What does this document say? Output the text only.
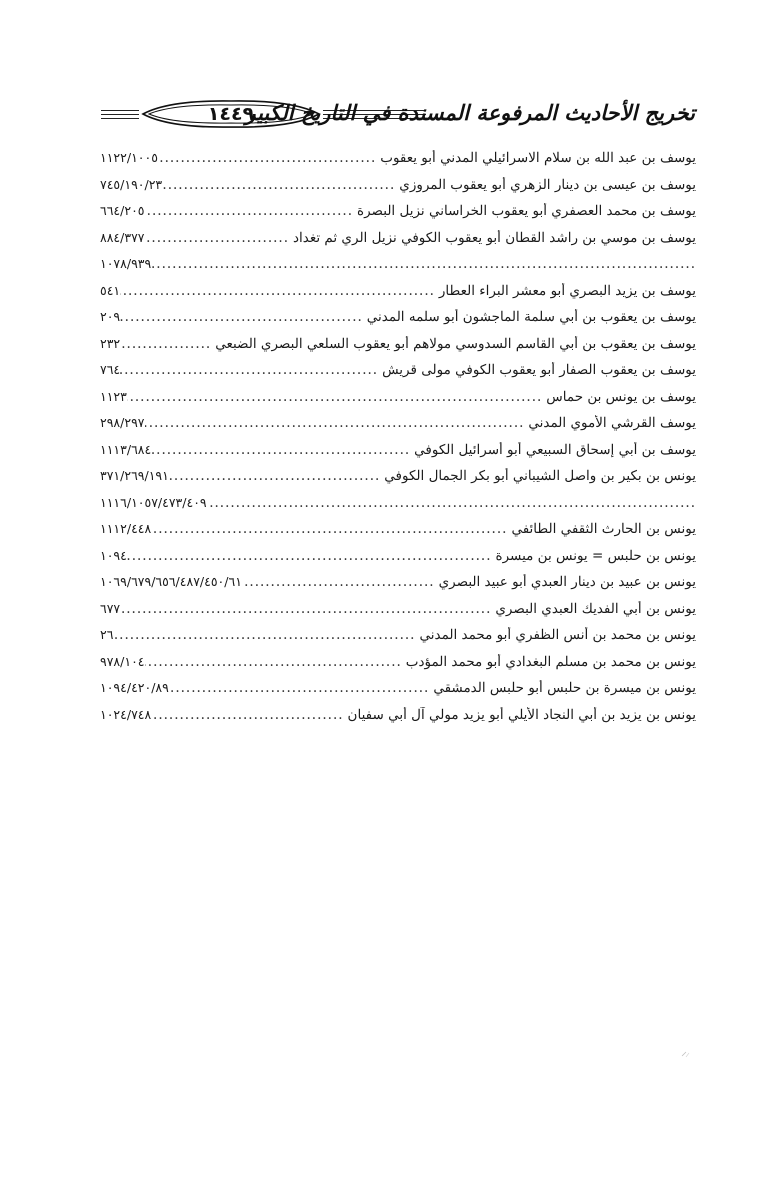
١٤٤٩
تخريج الأحاديث المرفوعة المسندة في التاريخ الكبير
يوسف بن عبد الله بن سلام الاسرائيلي المدني أبو يعقوب
.....
١١٢٢/١٠٠٥
يوسف بن عيسى بن دينار الزهري أبو يعقوب المروزي
.....
٧٤٥/١٩٠/٢٣
يوسف بن محمد العصفري أبو يعقوب الخراساني نزيل البصرة
.....
٦٦٤/٢٠٥
يوسف بن موسي بن راشد القطان أبو يعقوب الكوفي نزيل الري ثم تغداد
.....
٨٨٤/٣٧٧
.....
١٠٧٨/٩٣٩
يوسف بن يزيد البصري أبو معشر البراء العطار
.....
٥٤١
يوسف بن يعقوب بن أبي سلمة الماجشون أبو سلمه المدني
.....
٢٠٩
يوسف بن يعقوب بن أبي القاسم السدوسي مولاهم أبو يعقوب السلعي البصري الضبعي
.....
٢٣٢
يوسف بن يعقوب الصفار أبو يعقوب الكوفي مولى قريش
.....
٧٦٤
يوسف بن يونس بن حماس
.....
١١٢٣
يوسف القرشي الأموي المدني
.....
٢٩٨/٢٩٧
يوسف بن أبي إسحاق السبيعي أبو أسرائيل الكوفي
.....
١١١٣/٦٨٤
يونس بن بكير بن واصل الشيباني أبو بكر الجمال الكوفي
.....
٣٧١/٢٦٩/١٩١
.....
١١١٦/١٠٥٧/٤٧٣/٤٠٩
يونس بن الحارث الثقفي الطائفي
.....
١١١٢/٤٤٨
يونس بن حلبس = يونس بن ميسرة
.....
١٠٩٤
يونس بن عبيد بن دينار العبدي أبو عبيد البصري
.....
١٠٦٩/٦٧٩/٦٥٦/٤٨٧/٤٥٠/٦١
يونس بن أبي الفديك العبدي البصري
.....
٦٧٧
يونس بن محمد بن أنس الظفري أبو محمد المدني
.....
٢٦
يونس بن محمد بن مسلم البغدادي أبو محمد المؤدب
.....
٩٧٨/١٠٤
يونس بن ميسرة بن حلبس أبو حلبس الدمشقي
.....
١٠٩٤/٤٢٠/٨٩
يونس بن يزيد بن أبي النجاد الأيلي أبو يزيد مولي آل أبي سفيان
.....
١٠٢٤/٧٤٨
